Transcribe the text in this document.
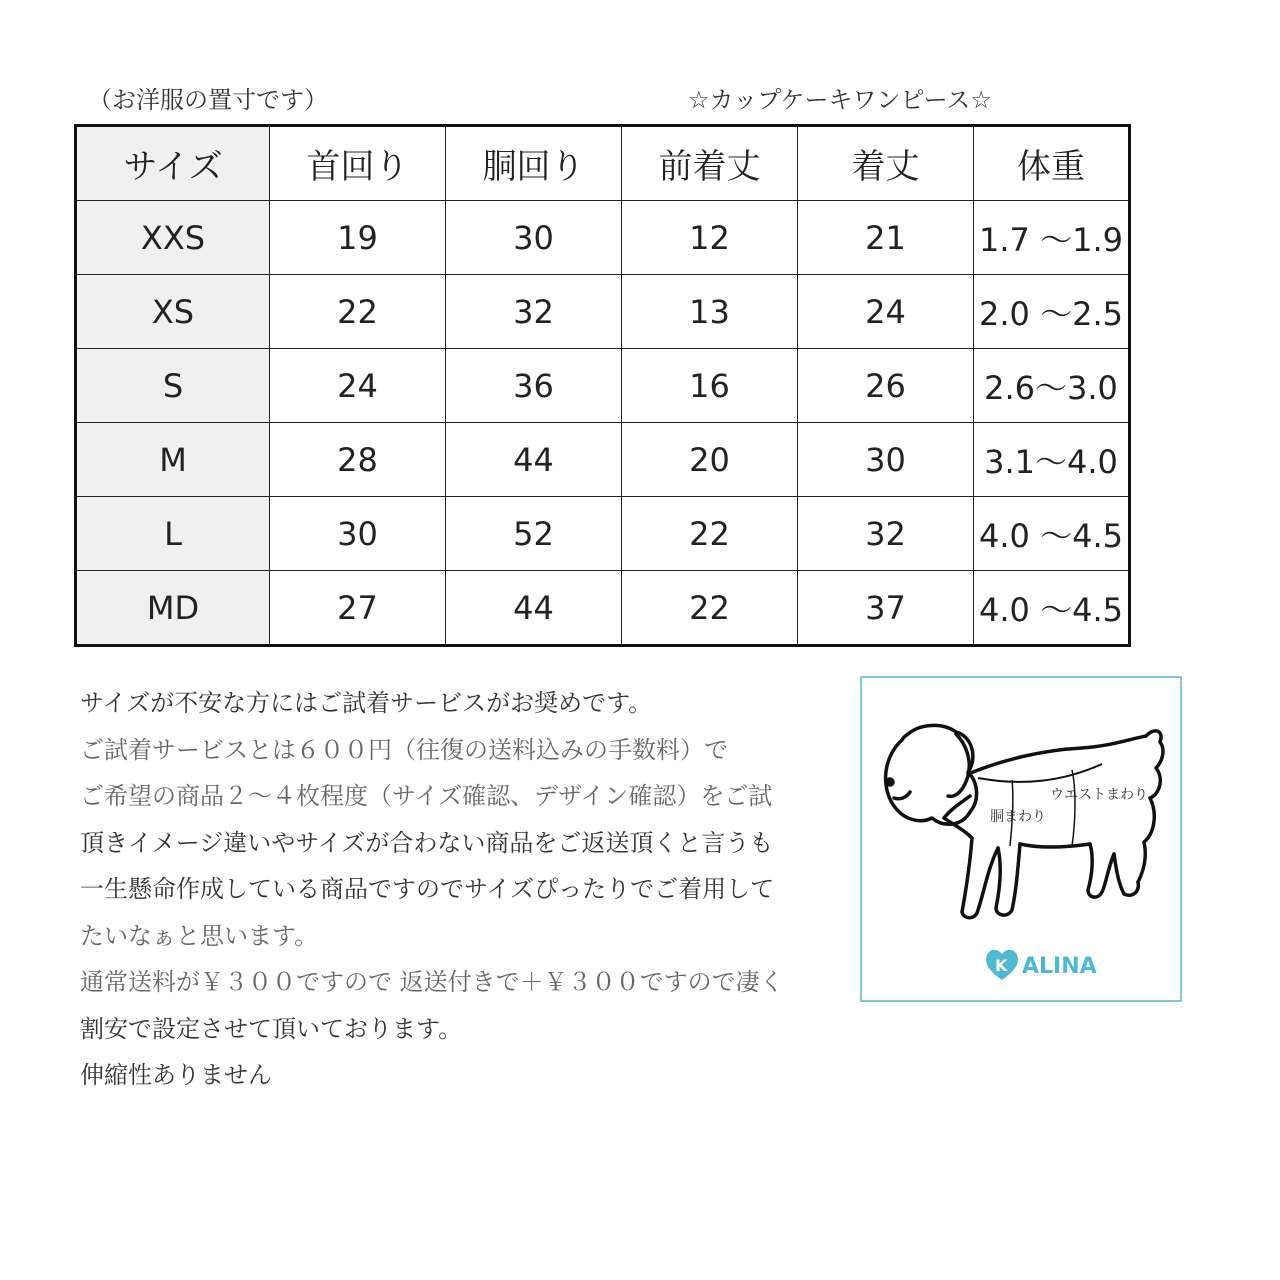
（お洋服の置寸です）	☆カップケーキワンピース☆
サイズ	首回り	胴回り	前着丈	着丈	体重
XXS	19	30	12	21	1.7 〜1.9
XS	22	32	13	24	2.0 〜2.5
S	24	36	16	26	2.6〜3.0
M	28	44	20	30	3.1〜4.0
L	30	52	22	32	4.0 〜4.5
MD	27	44	22	37	4.0 〜4.5
サイズが不安な方にはご試着サービスがお奨めです。
ご試着サービスとは６００円（往復の送料込みの手数料）で
ご希望の商品２〜４枚程度（サイズ確認、デザイン確認）をご試
頂きイメージ違いやサイズが合わない商品をご返送頂くと言うも
一生懸命作成している商品ですのでサイズぴったりでご着用して
たいなぁと思います。
通常送料が￥３００ですので 返送付きで＋￥３００ですので凄く
割安で設定させて頂いております。
伸縮性ありません
ウエストまわり
胴まわり
K ALINA
